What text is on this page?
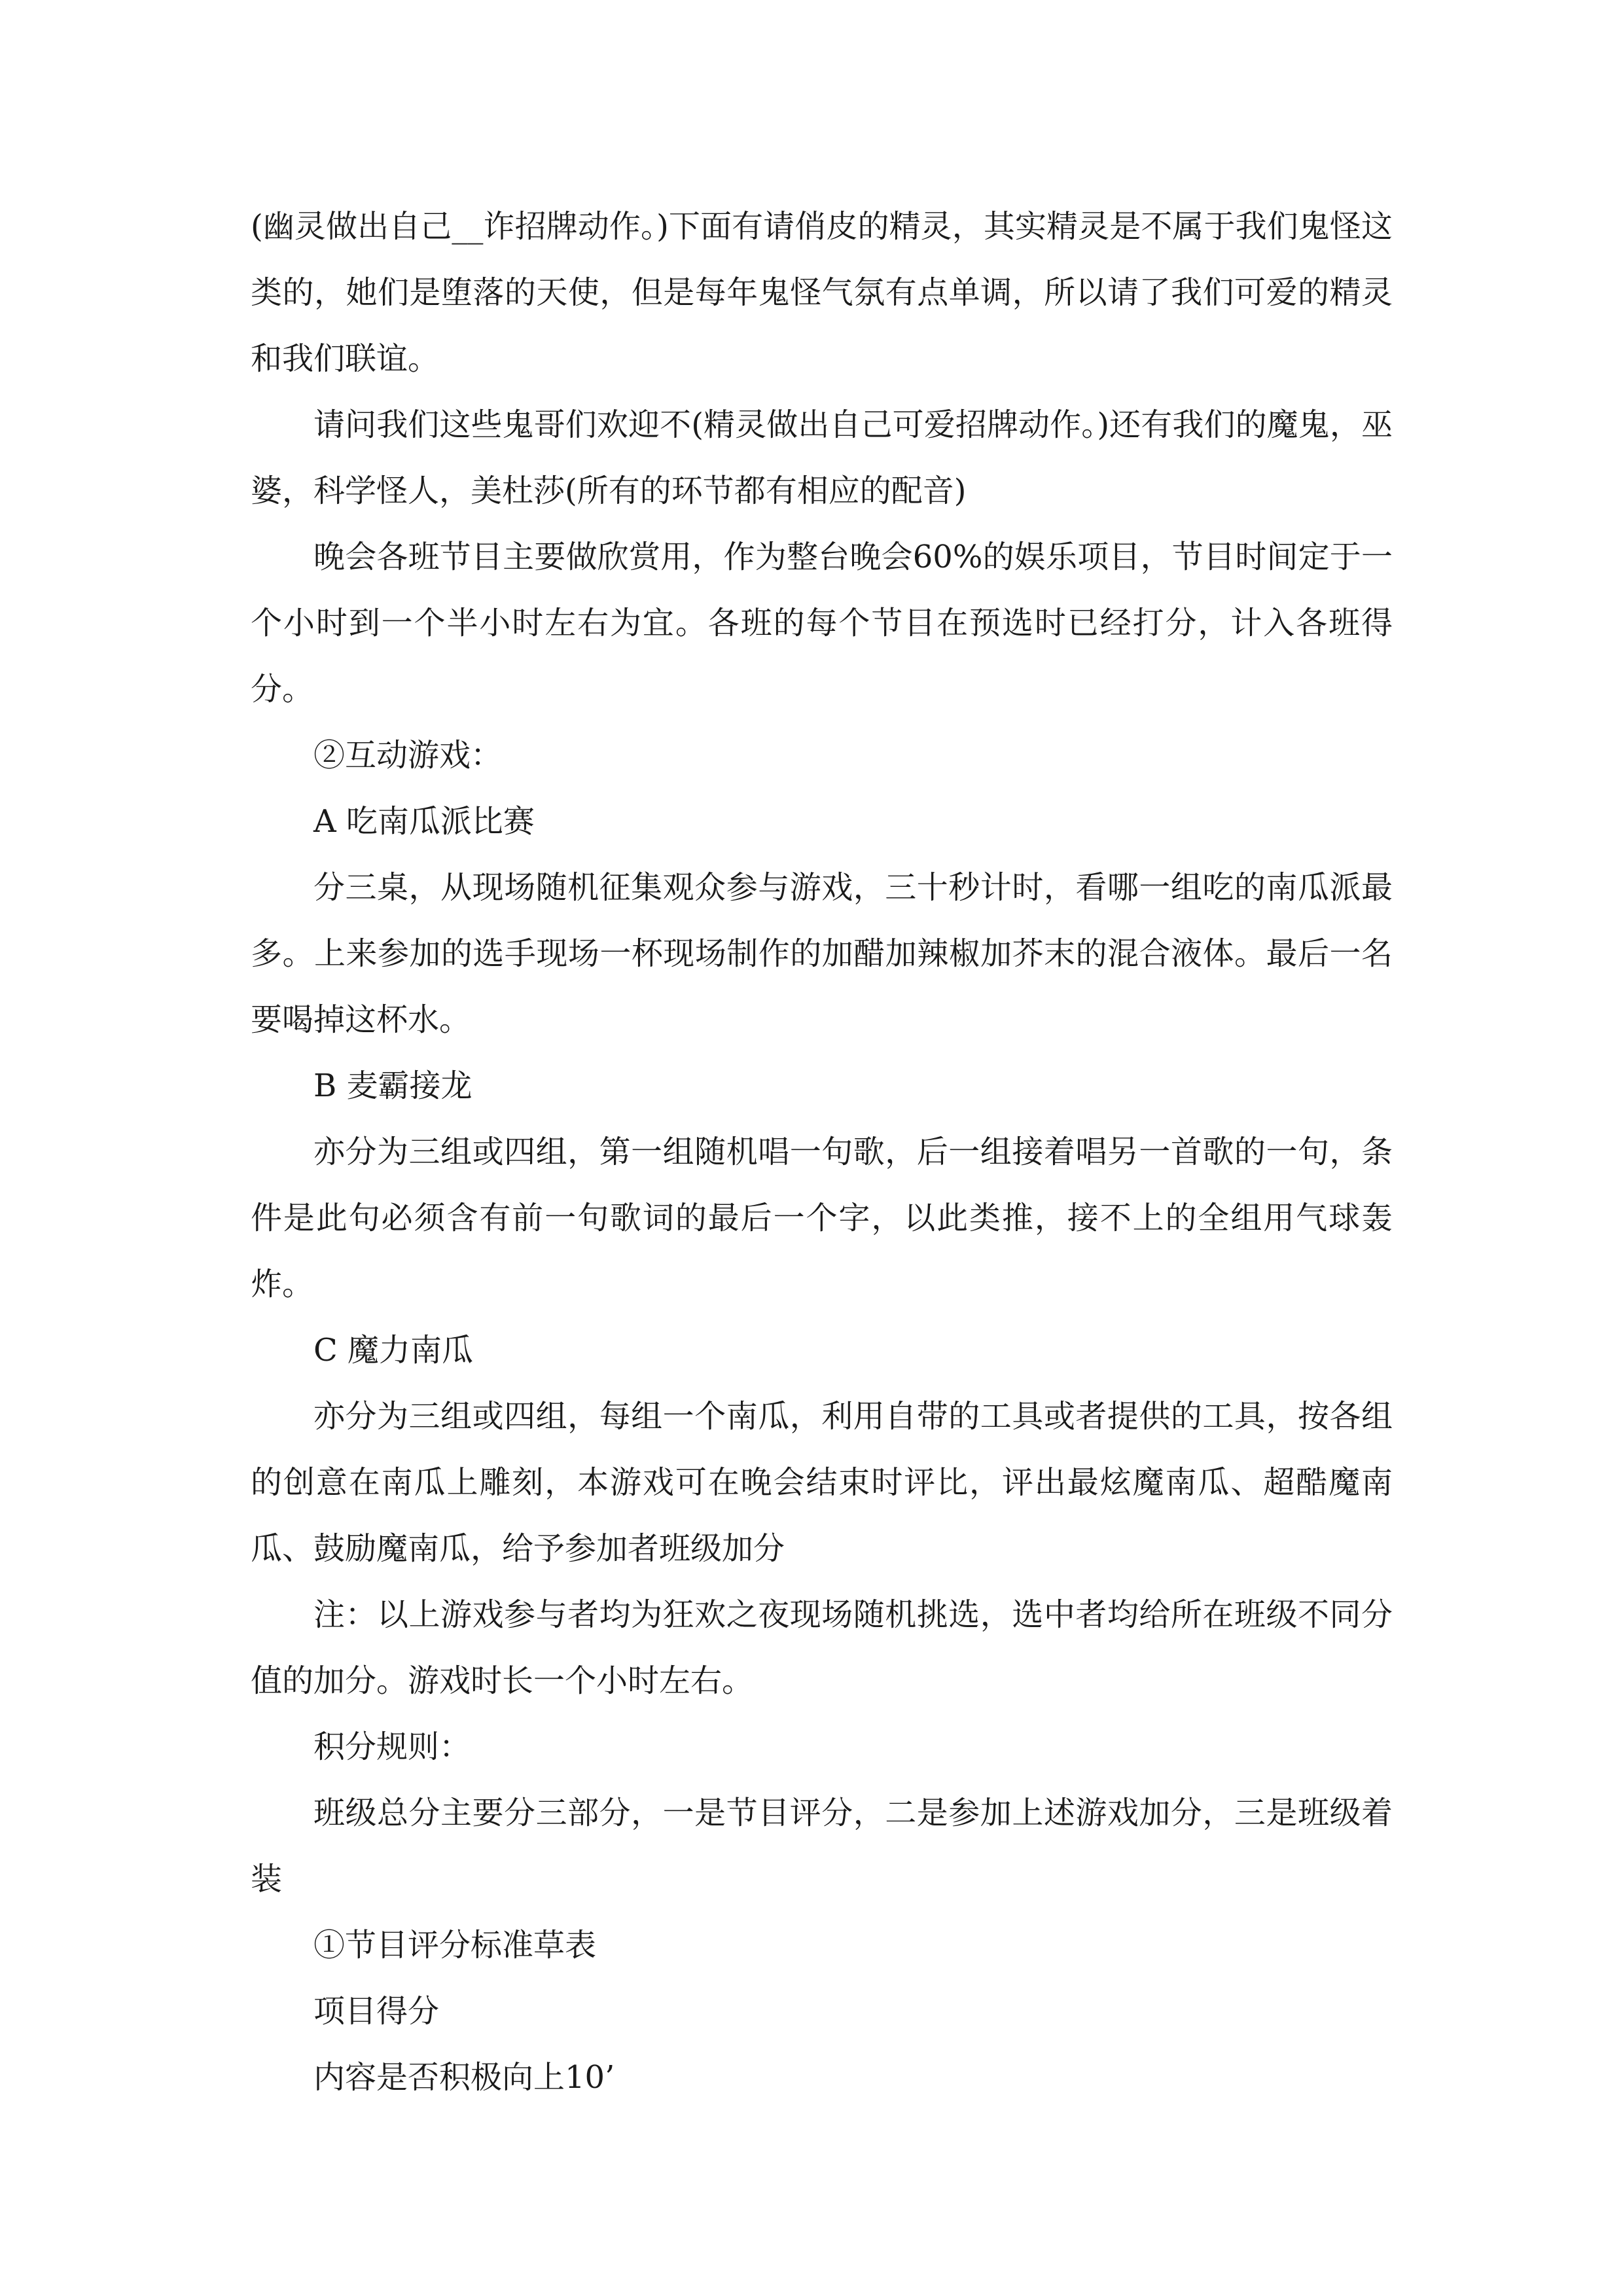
(幽灵做出自己__诈招牌动作。)下面有请俏皮的精灵，其实精灵是不属于我们鬼怪这类的，她们是堕落的天使，但是每年鬼怪气氛有点单调，所以请了我们可爱的精灵和我们联谊。

请问我们这些鬼哥们欢迎不(精灵做出自己可爱招牌动作。)还有我们的魔鬼，巫婆，科学怪人，美杜莎(所有的环节都有相应的配音)

晚会各班节目主要做欣赏用，作为整台晚会60%的娱乐项目，节目时间定于一个小时到一个半小时左右为宜。各班的每个节目在预选时已经打分，计入各班得分。

②互动游戏：

A 吃南瓜派比赛

分三桌，从现场随机征集观众参与游戏，三十秒计时，看哪一组吃的南瓜派最多。上来参加的选手现场一杯现场制作的加醋加辣椒加芥末的混合液体。最后一名要喝掉这杯水。

B 麦霸接龙

亦分为三组或四组，第一组随机唱一句歌，后一组接着唱另一首歌的一句，条件是此句必须含有前一句歌词的最后一个字，以此类推，接不上的全组用气球轰炸。

C 魔力南瓜

亦分为三组或四组，每组一个南瓜，利用自带的工具或者提供的工具，按各组的创意在南瓜上雕刻，本游戏可在晚会结束时评比，评出最炫魔南瓜、超酷魔南瓜、鼓励魔南瓜，给予参加者班级加分

注：以上游戏参与者均为狂欢之夜现场随机挑选，选中者均给所在班级不同分值的加分。游戏时长一个小时左右。

积分规则：

班级总分主要分三部分，一是节目评分，二是参加上述游戏加分，三是班级着装

①节目评分标准草表

项目得分

内容是否积极向上10’
